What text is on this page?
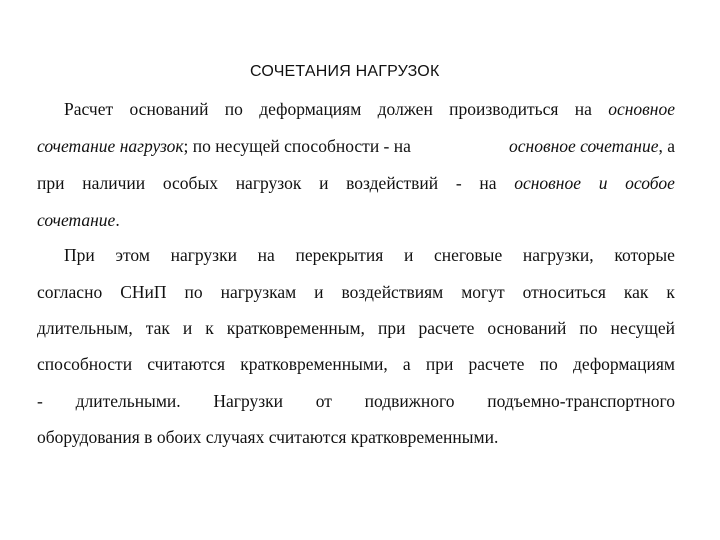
СОЧЕТАНИЯ НАГРУЗОК
Расчет оснований по деформациям должен производиться на основное
сочетание нагрузок; по несущей способности - на	основное сочетание, а
при наличии особых нагрузок и воздействий - на основное и особое
сочетание.
При этом нагрузки на перекрытия и снеговые нагрузки, которые
согласно СНиП по нагрузкам и воздействиям могут относиться как к
длительным, так и к кратковременным, при расчете оснований по несущей
способности считаются кратковременными, а при расчете по деформациям
- длительными. Нагрузки от подвижного подъемно-транспортного
оборудования в обоих случаях считаются кратковременными.
